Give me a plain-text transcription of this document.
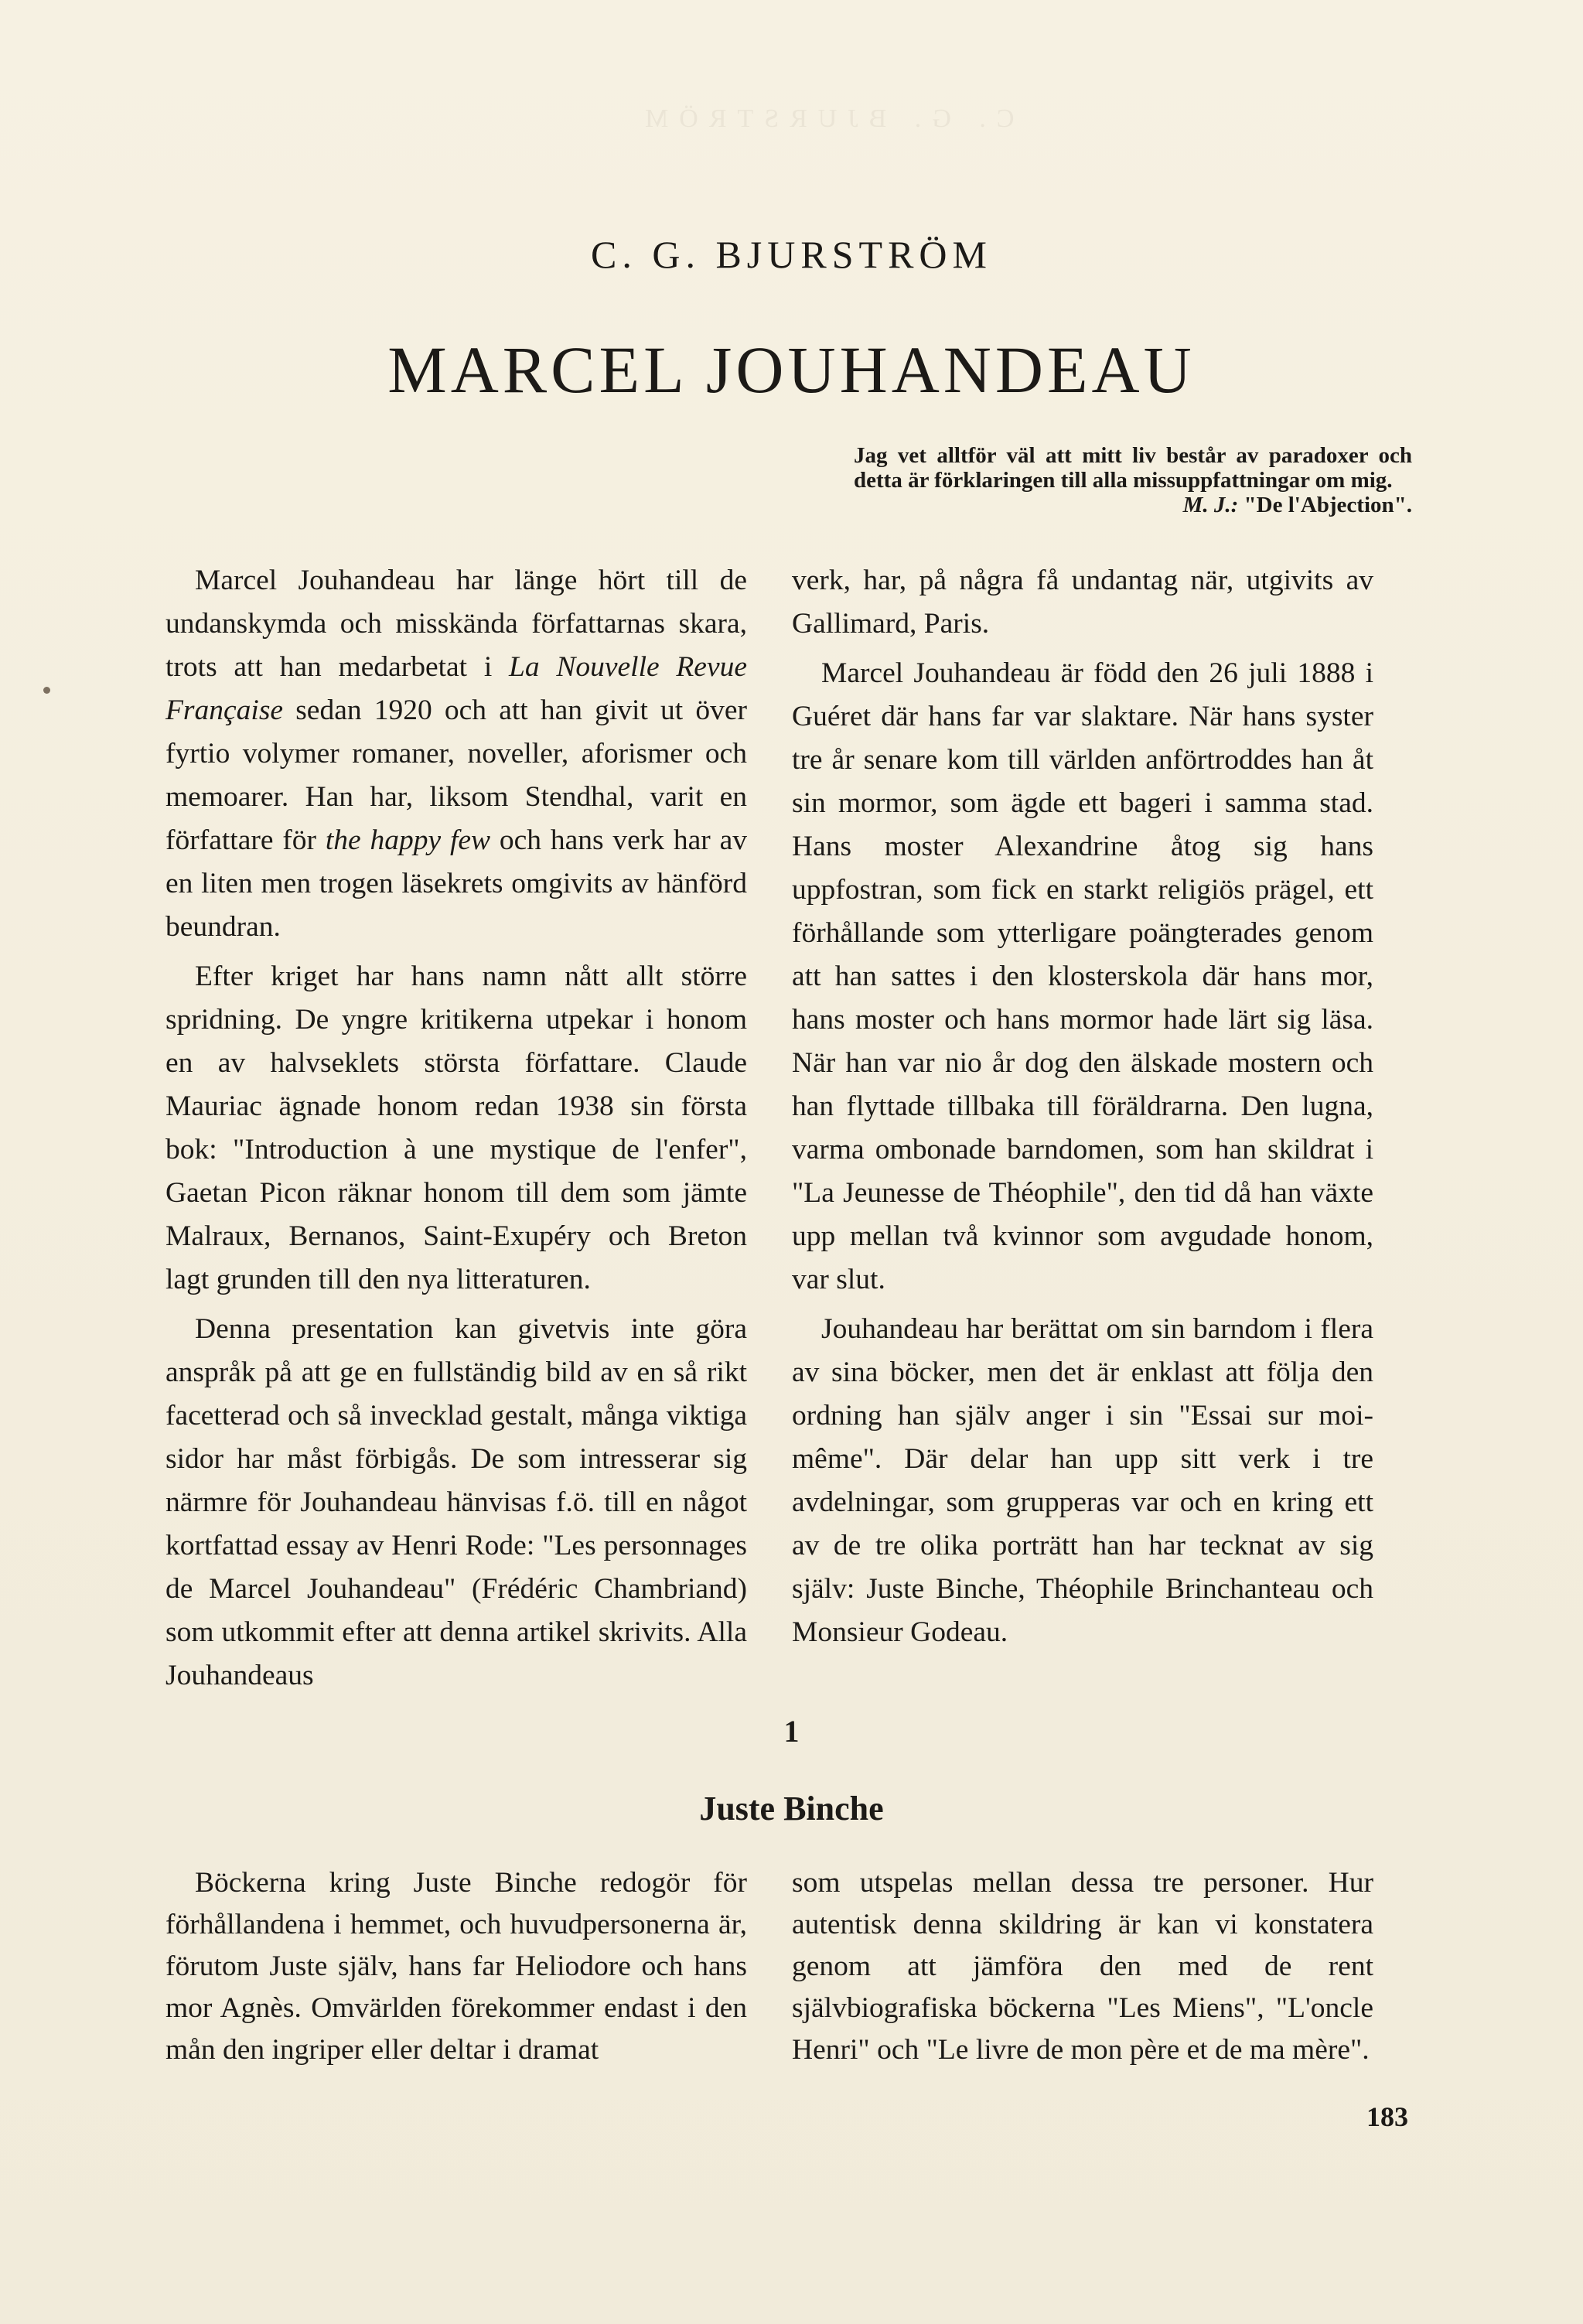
C. G. BJURSTRÖM
C. G. BJURSTRÖM
MARCEL JOUHANDEAU

Jag vet alltför väl att mitt liv består av paradoxer och detta är förklaringen till alla missuppfattningar om mig.

M. J.: "De l'Abjection".

Marcel Jouhandeau har länge hört till de undanskymda och misskända författarnas skara, trots att han medarbetat i La Nouvelle Revue Française sedan 1920 och att han givit ut över fyrtio volymer romaner, noveller, aforismer och memoarer. Han har, liksom Stendhal, varit en författare för the happy few och hans verk har av en liten men trogen läsekrets omgivits av hänförd beundran.

Efter kriget har hans namn nått allt större spridning. De yngre kritikerna utpekar i honom en av halvseklets största författare. Claude Mauriac ägnade honom redan 1938 sin första bok: "Introduction à une mystique de l'enfer", Gaetan Picon räknar honom till dem som jämte Malraux, Bernanos, Saint-Exupéry och Breton lagt grunden till den nya litteraturen.

Denna presentation kan givetvis inte göra anspråk på att ge en fullständig bild av en så rikt facetterad och så invecklad gestalt, många viktiga sidor har måst förbigås. De som intresserar sig närmre för Jouhandeau hänvisas f.ö. till en något kortfattad essay av Henri Rode: "Les personnages de Marcel Jouhandeau" (Frédéric Chambriand) som utkommit efter att denna artikel skrivits. Alla Jouhandeaus

verk, har, på några få undantag när, utgivits av Gallimard, Paris.

Marcel Jouhandeau är född den 26 juli 1888 i Guéret där hans far var slaktare. När hans syster tre år senare kom till världen anförtroddes han åt sin mormor, som ägde ett bageri i samma stad. Hans moster Alexandrine åtog sig hans uppfostran, som fick en starkt religiös prägel, ett förhållande som ytterligare poängterades genom att han sattes i den klosterskola där hans mor, hans moster och hans mormor hade lärt sig läsa. När han var nio år dog den älskade mostern och han flyttade tillbaka till föräldrarna. Den lugna, varma ombonade barndomen, som han skildrat i "La Jeunesse de Théophile", den tid då han växte upp mellan två kvinnor som avgudade honom, var slut.

Jouhandeau har berättat om sin barndom i flera av sina böcker, men det är enklast att följa den ordning han själv anger i sin "Essai sur moi-même". Där delar han upp sitt verk i tre avdelningar, som grupperas var och en kring ett av de tre olika porträtt han har tecknat av sig själv: Juste Binche, Théophile Brinchanteau och Monsieur Godeau.

1
Juste Binche

Böckerna kring Juste Binche redogör för förhållandena i hemmet, och huvudpersonerna är, förutom Juste själv, hans far Heliodore och hans mor Agnès. Omvärlden förekommer endast i den mån den ingriper eller deltar i dramat

som utspelas mellan dessa tre personer. Hur autentisk denna skildring är kan vi konstatera genom att jämföra den med de rent självbiografiska böckerna "Les Miens", "L'oncle Henri" och "Le livre de mon père et de ma mère".

183
